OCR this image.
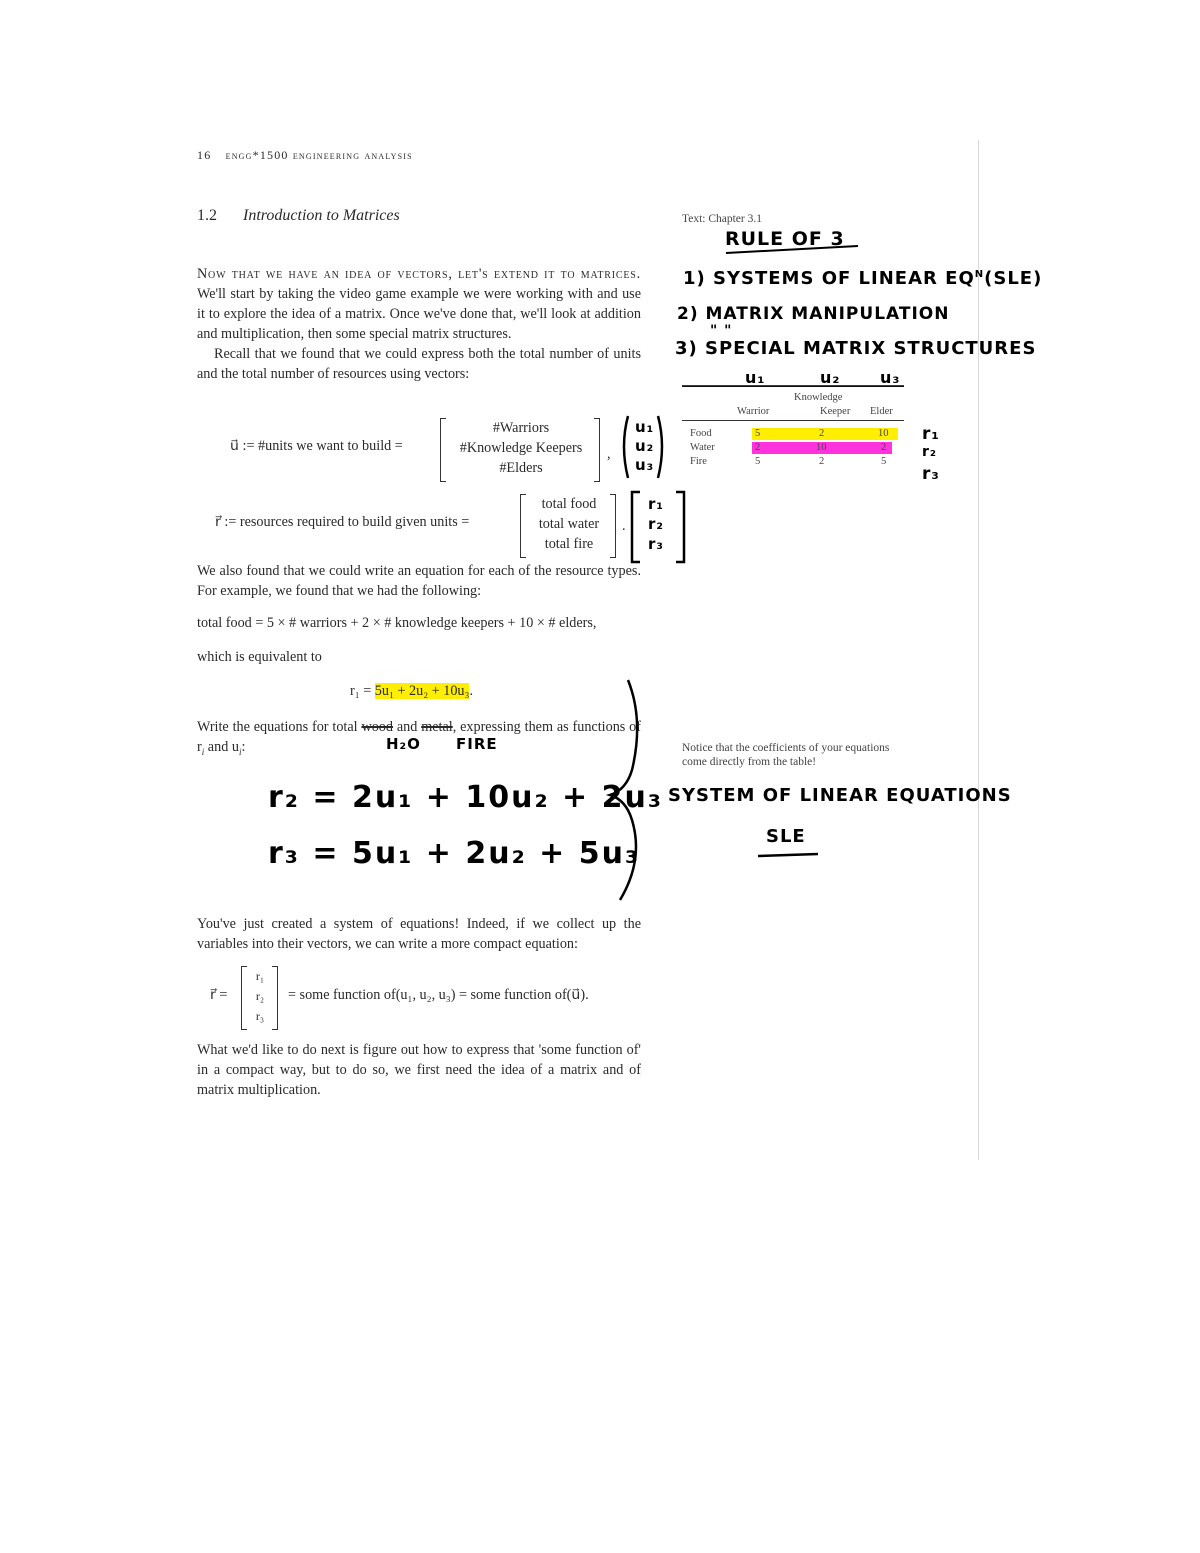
16 engg*1500 engineering analysis
1.2 Introduction to Matrices

Now that we have an idea of vectors, let's extend it to matrices. We'll start by taking the video game example we were working with and use it to explore the idea of a matrix. Once we've done that, we'll look at addition and multiplication, then some special matrix structures.

Recall that we found that we could express both the total number of units and the total number of resources using vectors:

u⃗ := #units we want to build =
#Warriors
#Knowledge Keepers
#Elders
,
r⃗ := resources required to build given units =
total food
total water
total fire
.
We also found that we could write an equation for each of the resource types. For example, we found that we had the following:
total food = 5 × # warriors + 2 × # knowledge keepers + 10 × # elders,
which is equivalent to
r₁ = 5u₁ + 2u₂ + 10u₃.
Write the equations for total wood and metal, expressing them as functions of $r_i$ and $u_i$:
You've just created a system of equations! Indeed, if we collect up the variables into their vectors, we can write a more compact equation:
r⃗ =
r₁
r₂
r₃
= some function of(u₁, u₂, u₃) = some function of(u⃗).
What we'd like to do next is figure out how to express that 'some function of' in a compact way, but to do so, we first need the idea of a matrix and of matrix multiplication.
Text: Chapter 3.1
Notice that the coefficients of your equations come directly from the table!
Knowledge
Warrior	Keeper Elder
Food	5	2	10
Water	2	10	2
Fire	5	2	5
RULE OF 3
1) SYSTEMS OF LINEAR $EQ^N(SLE)$
2) MATRIX MANIPULATION
" "
3) SPECIAL MATRIX STRUCTURES
u₁	u₂ u₃
r₁
r₂
r₃
u₁
u₂
u₃
r₁
r₂
r₃
H₂O FIRE
r₂ = 2u₁ + 10u₂ + 2u₃
r₃ = 5u₁ + 2u₂ + 5u₃
SYSTEM OF LINEAR EQUATIONS
SLE
